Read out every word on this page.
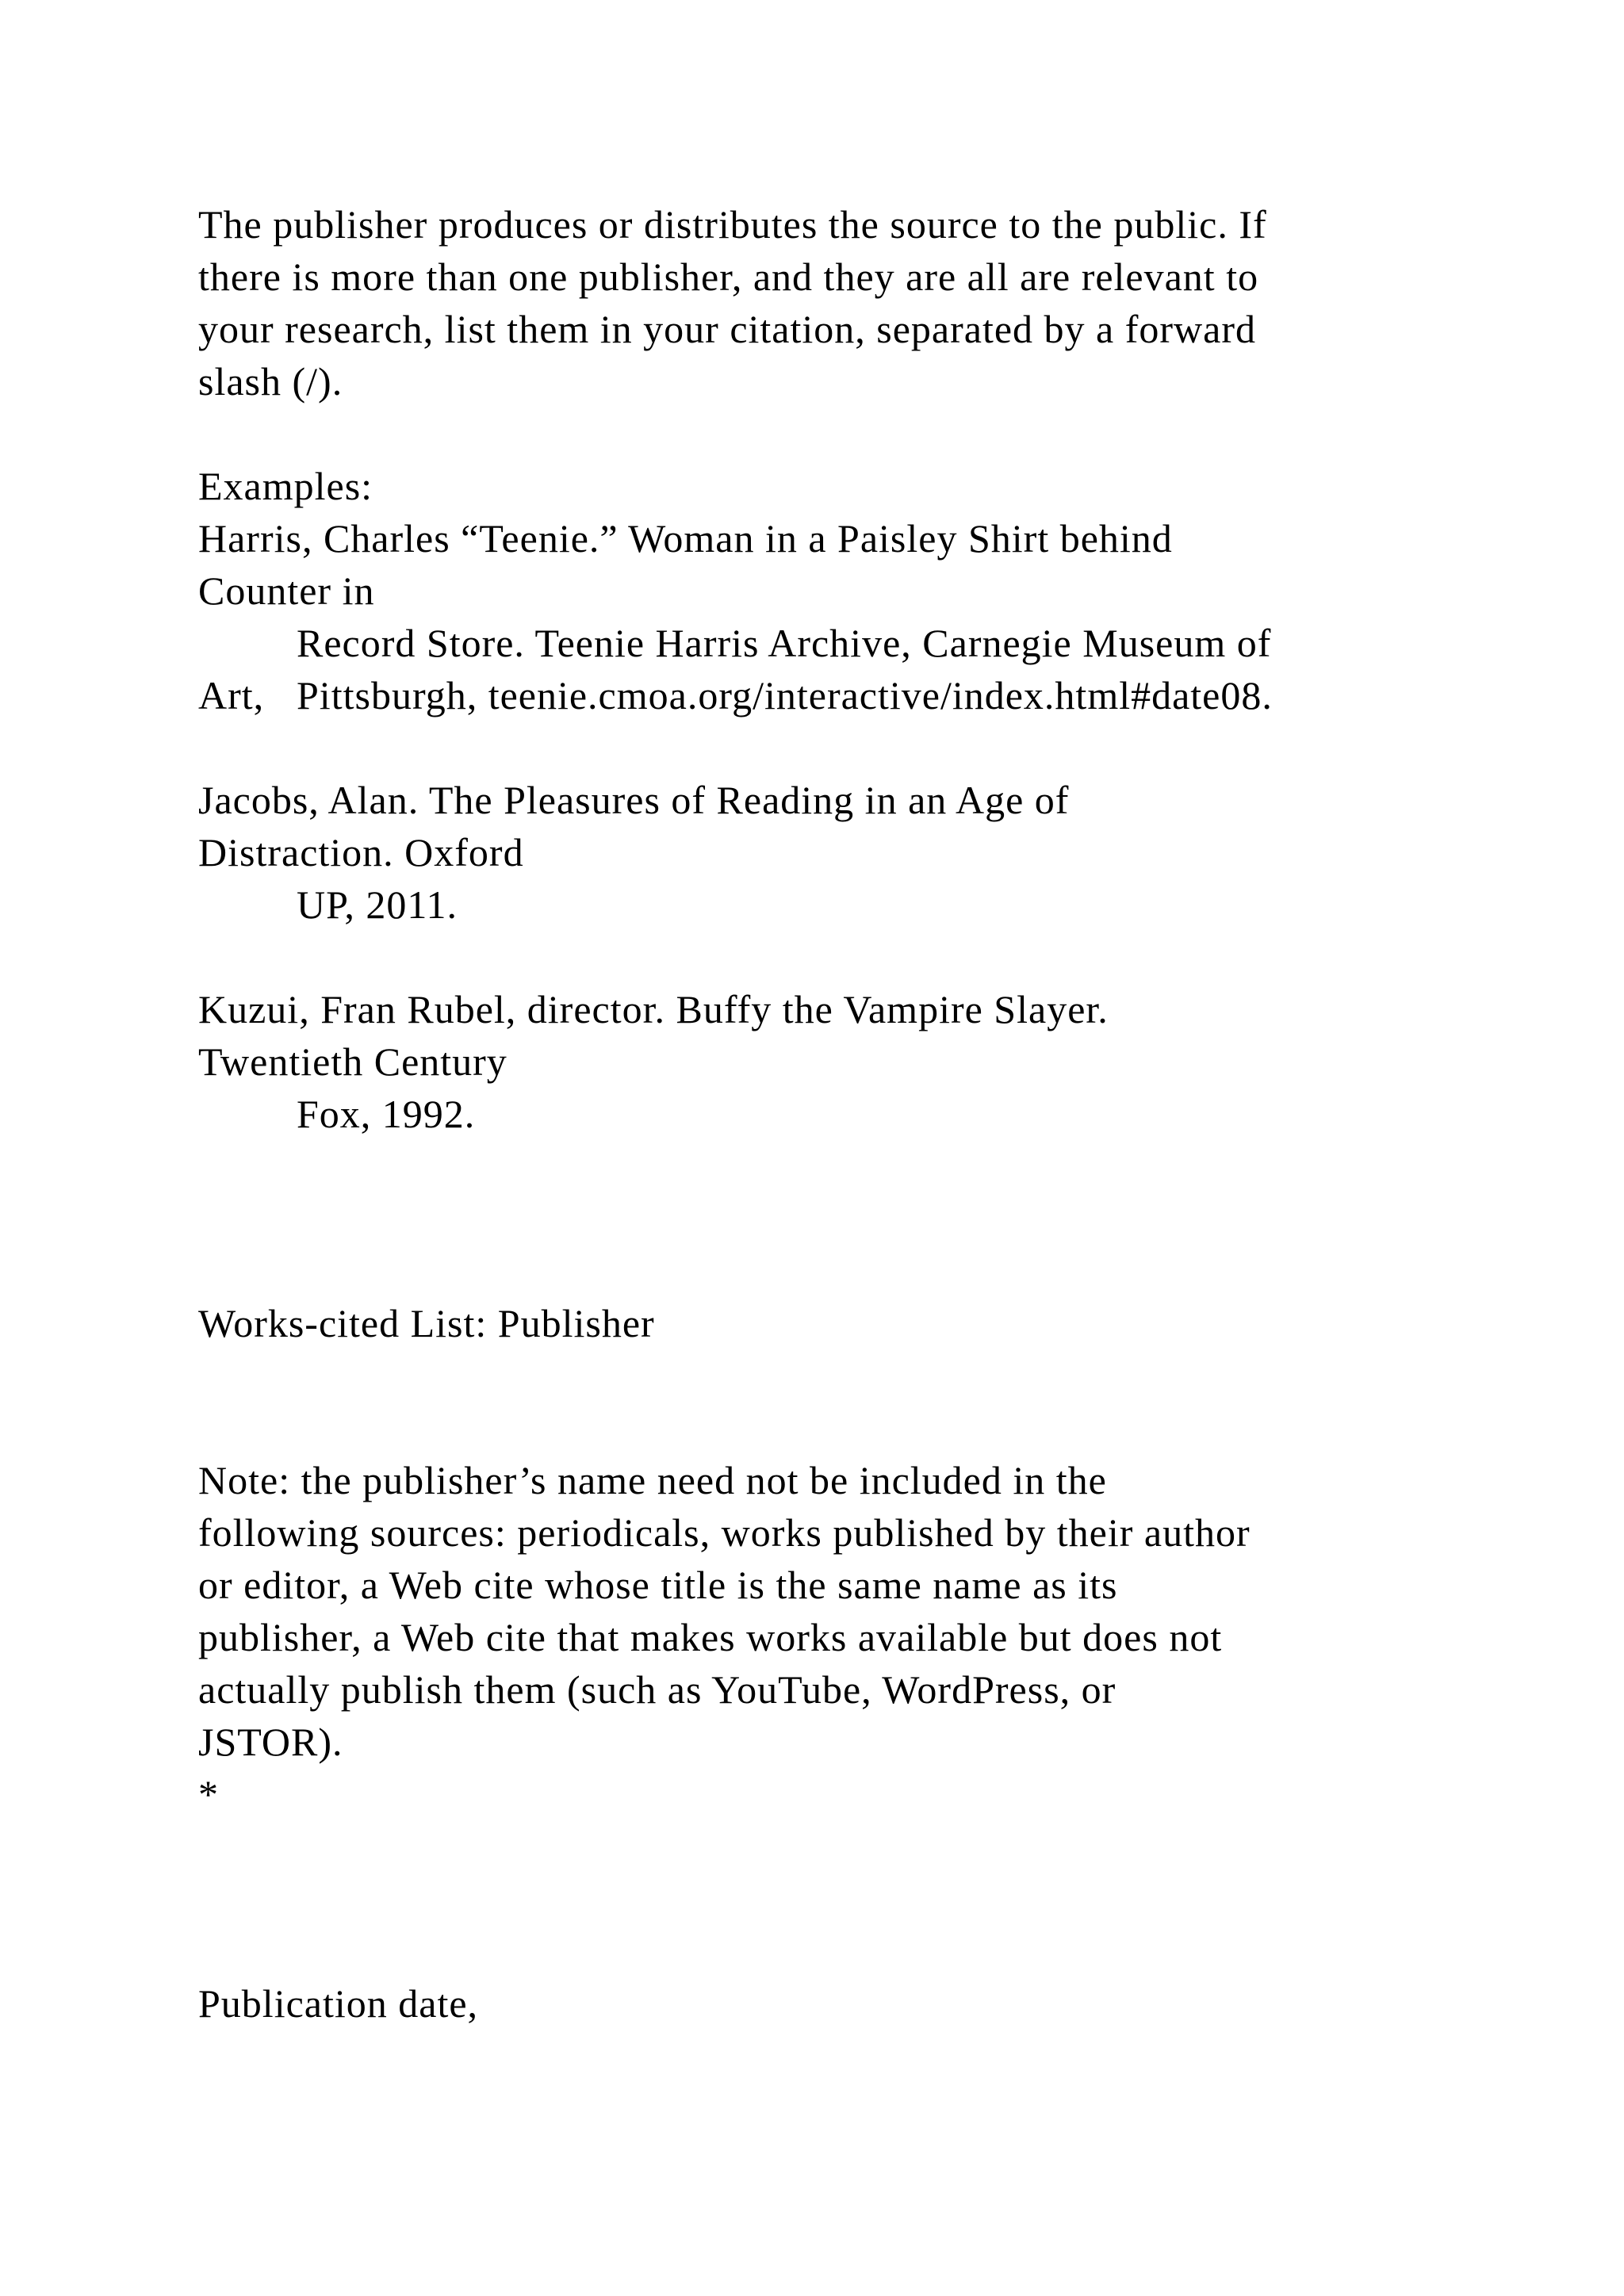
The publisher produces or distributes the source to the public. If
there is more than one publisher, and they are all are relevant to
your research, list them in your citation, separated by a forward
slash (/).
Examples:
Harris, Charles “Teenie.” Woman in a Paisley Shirt behind
Counter in
Record Store. Teenie Harris Archive, Carnegie Museum of
Art, Pittsburgh, teenie.cmoa.org/interactive/index.html#date08.
Jacobs, Alan. The Pleasures of Reading in an Age of
Distraction. Oxford
UP, 2011.
Kuzui, Fran Rubel, director. Buffy the Vampire Slayer.
Twentieth Century
Fox, 1992.
Works-cited List: Publisher
Note: the publisher’s name need not be included in the
following sources: periodicals, works published by their author
or editor, a Web cite whose title is the same name as its
publisher, a Web cite that makes works available but does not
actually publish them (such as YouTube, WordPress, or
JSTOR).
*
Publication date,
